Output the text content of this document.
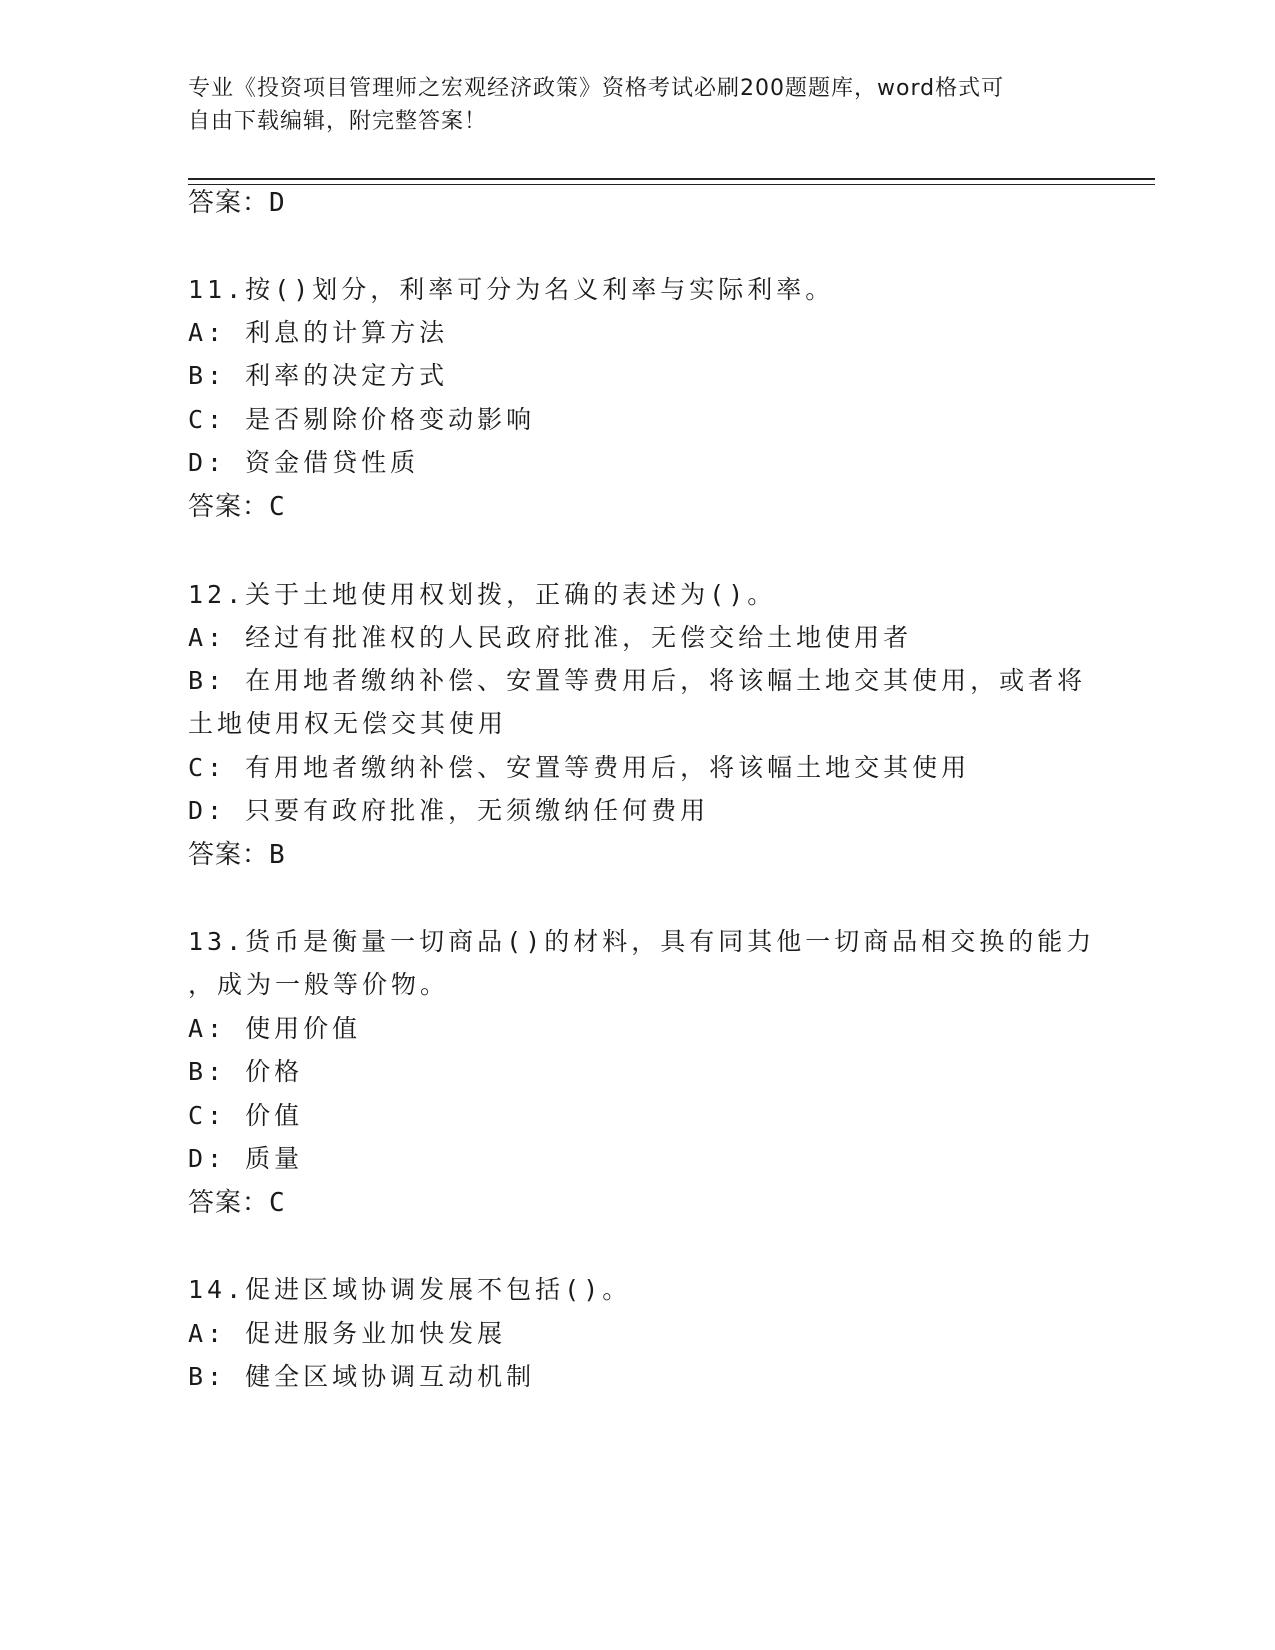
专业《投资项目管理师之宏观经济政策》资格考试必刷200题题库，word格式可
自由下载编辑，附完整答案！
答案：D
11.按()划分，利率可分为名义利率与实际利率。
A: 利息的计算方法
B: 利率的决定方式
C: 是否剔除价格变动影响
D: 资金借贷性质
答案：C
12.关于土地使用权划拨，正确的表述为()。
A: 经过有批准权的人民政府批准，无偿交给土地使用者
B: 在用地者缴纳补偿、安置等费用后，将该幅土地交其使用，或者将
土地使用权无偿交其使用
C: 有用地者缴纳补偿、安置等费用后，将该幅土地交其使用
D: 只要有政府批准，无须缴纳任何费用
答案：B
13.货币是衡量一切商品()的材料，具有同其他一切商品相交换的能力
，成为一般等价物。
A: 使用价值
B: 价格
C: 价值
D: 质量
答案：C
14.促进区域协调发展不包括()。
A: 促进服务业加快发展
B: 健全区域协调互动机制
